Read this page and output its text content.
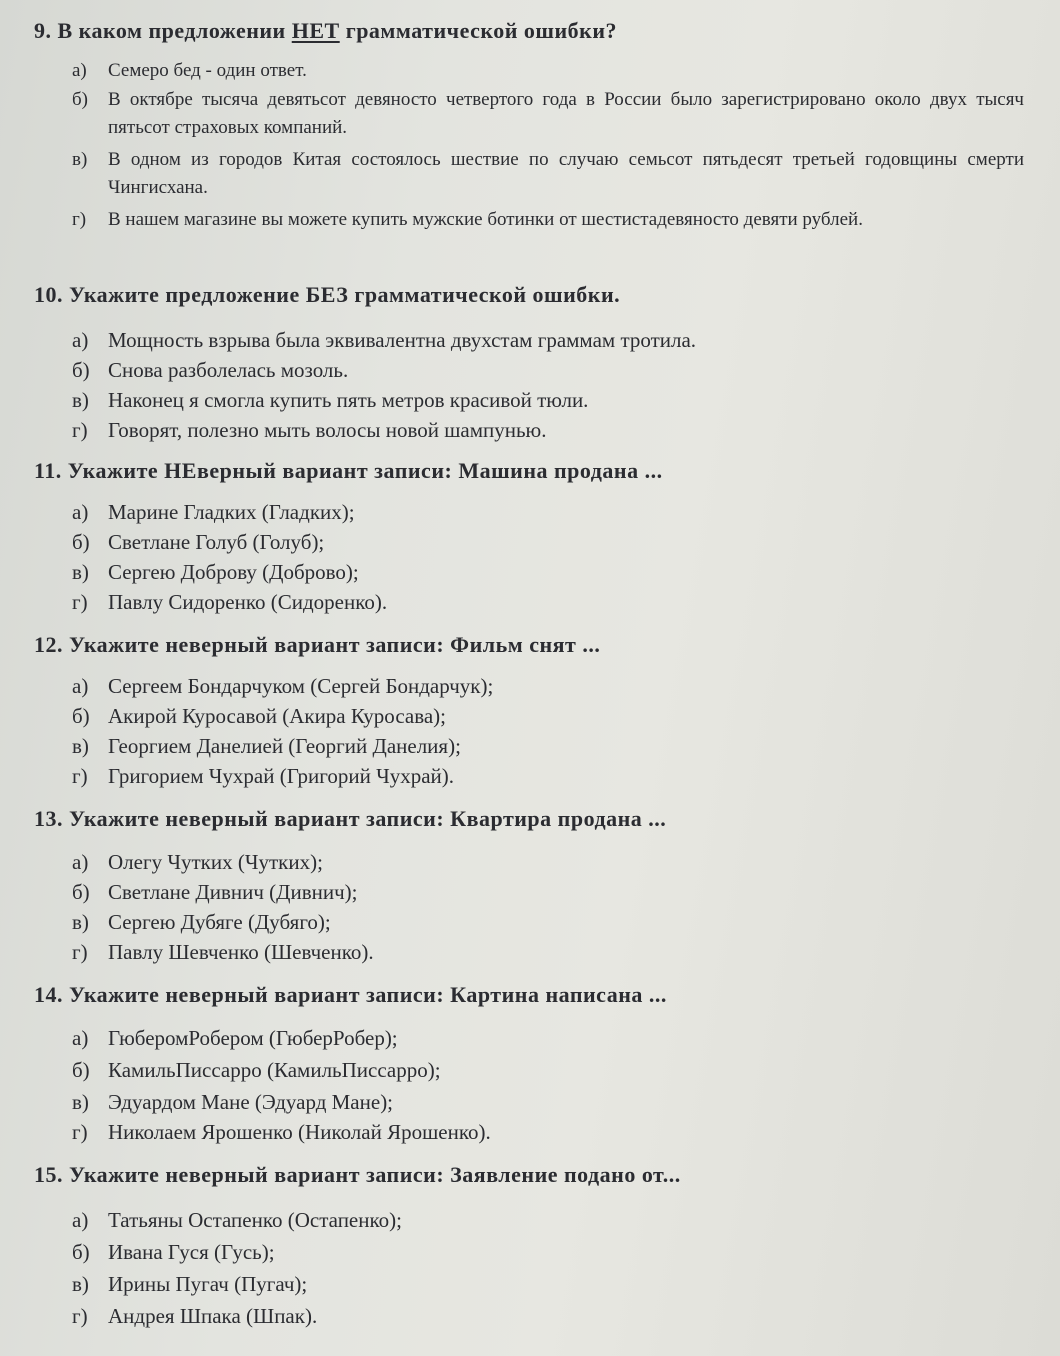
9. В каком предложении НЕТ грамматической ошибки?
а) Семеро бед - один ответ.
б)	В октябре тысяча девятьсот девяносто четвертого года в России было зарегистрировано около двух тысяч пятьсот страховых компаний.
в)	В одном из городов Китая состоялось шествие по случаю семьсот пятьдесят третьей годовщины смерти Чингисхана.
г)	В нашем магазине вы можете купить мужские ботинки от шестистадевяносто девяти рублей.
10. Укажите предложение БЕЗ грамматической ошибки.
а) Мощность взрыва была эквивалентна двухстам граммам тротила.
б) Снова разболелась мозоль.
в) Наконец я смогла купить пять метров красивой тюли.
г) Говорят, полезно мыть волосы новой шампунью.
11. Укажите НЕверный вариант записи: Машина продана ...
а) Марине Гладких (Гладких);
б) Светлане Голуб (Голуб);
в) Сергею Доброву (Доброво);
г) Павлу Сидоренко (Сидоренко).
12. Укажите неверный вариант записи: Фильм снят ...
а) Сергеем Бондарчуком (Сергей Бондарчук);
б) Акирой Куросавой (Акира Куросава);
в) Георгием Данелией (Георгий Данелия);
г) Григорием Чухрай (Григорий Чухрай).
13. Укажите неверный вариант записи: Квартира продана ...
а) Олегу Чутких (Чутких);
б) Светлане Дивнич (Дивнич);
в) Сергею Дубяге (Дубяго);
г) Павлу Шевченко (Шевченко).
14. Укажите неверный вариант записи: Картина написана ...
а) ГюберомРобером (ГюберРобер);
б) КамильПиссарро (КамильПиссарро);
в) Эдуардом Мане (Эдуард Мане);
г) Николаем Ярошенко (Николай Ярошенко).
15. Укажите неверный вариант записи: Заявление подано от...
а) Татьяны Остапенко (Остапенко);
б) Ивана Гуся (Гусь);
в) Ирины Пугач (Пугач);
г) Андрея Шпака (Шпак).
